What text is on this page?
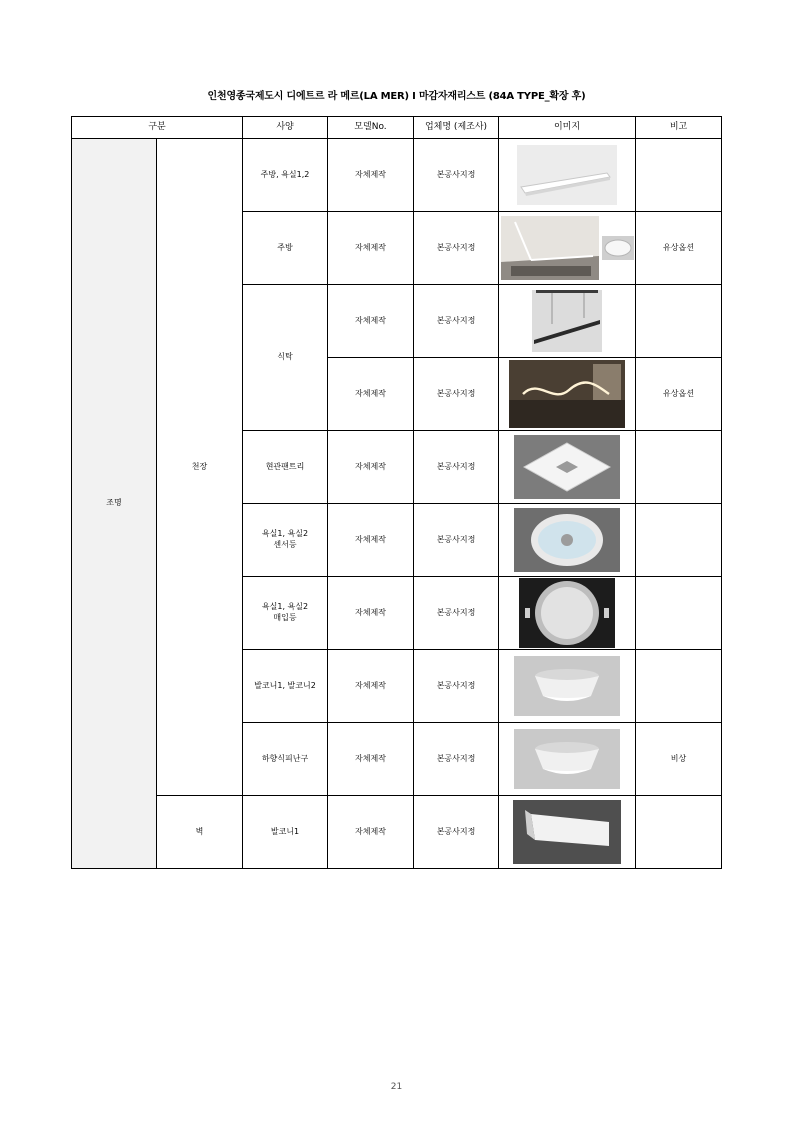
인천영종국제도시 디에트르 라 메르(LA MER) I 마감자재리스트 (84A TYPE_확장 후)
구분		사양	모델No.	업체명 (제조사)	이미지	비고
조명	천장	주방, 욕실1,2	자체제작	본공사지정	

		주방	자체제작	본공사지정		유상옵션
		식탁	자체제작	본공사지정	

			자체제작	본공사지정		유상옵션
		현관팬트리	자체제작	본공사지정	

		욕실1, 욕실2
센서등	자체제작	본공사지정	

		욕실1, 욕실2
매입등	자체제작	본공사지정	

		발코니1, 발코니2	자체제작	본공사지정	

		하향식피난구	자체제작	본공사지정		비상
	벽	발코니1	자체제작	본공사지정	

21
